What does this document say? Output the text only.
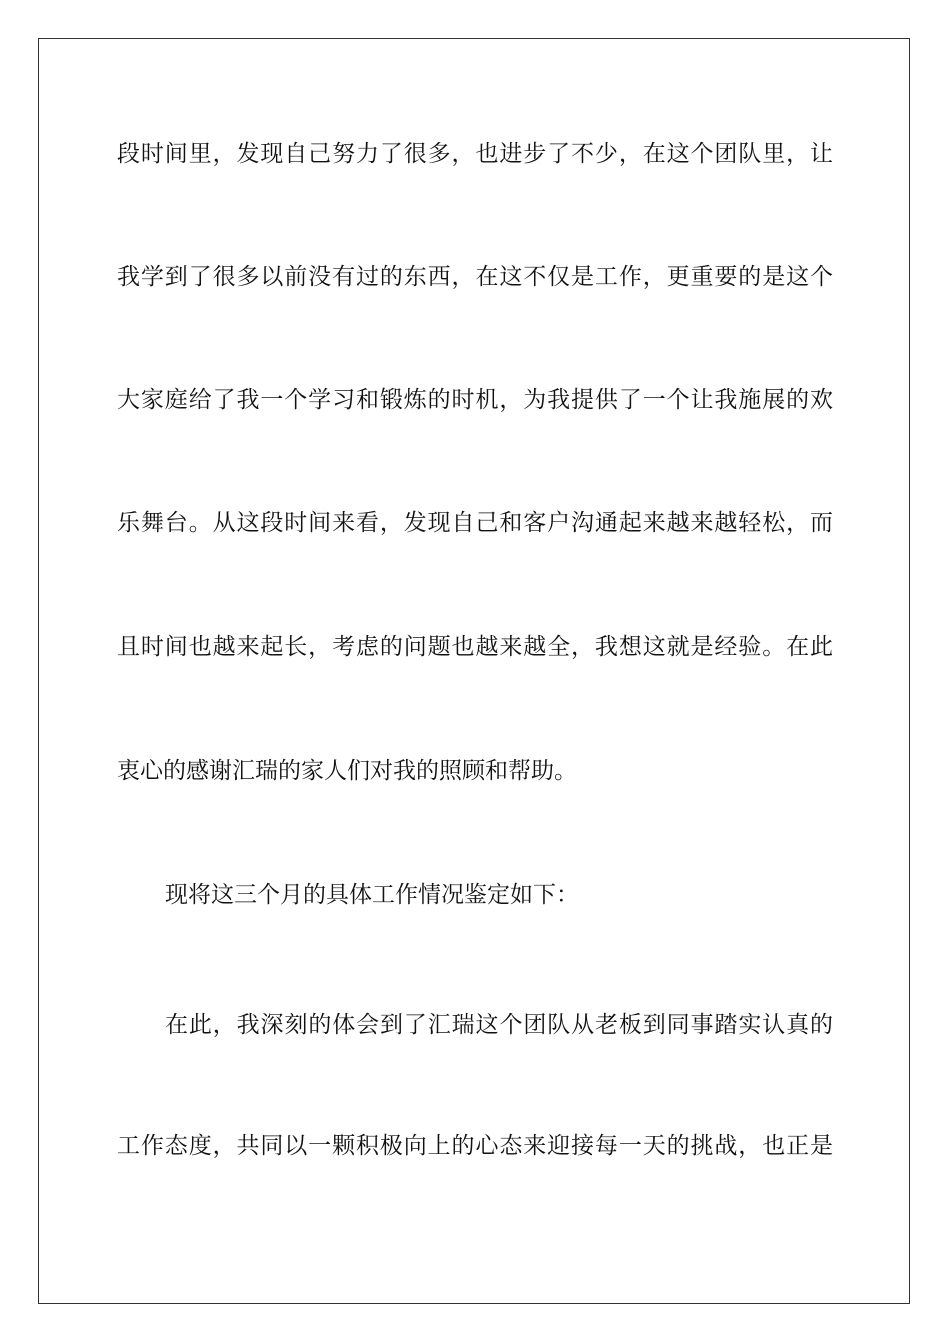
段时间里，发现自己努力了很多，也进步了不少，在这个团队里，让
我学到了很多以前没有过的东西，在这不仅是工作，更重要的是这个
大家庭给了我一个学习和锻炼的时机，为我提供了一个让我施展的欢
乐舞台。从这段时间来看，发现自己和客户沟通起来越来越轻松，而
且时间也越来起长，考虑的问题也越来越全，我想这就是经验。在此
衷心的感谢汇瑞的家人们对我的照顾和帮助。
现将这三个月的具体工作情况鉴定如下：
在此，我深刻的体会到了汇瑞这个团队从老板到同事踏实认真的
工作态度，共同以一颗积极向上的心态来迎接每一天的挑战，也正是
